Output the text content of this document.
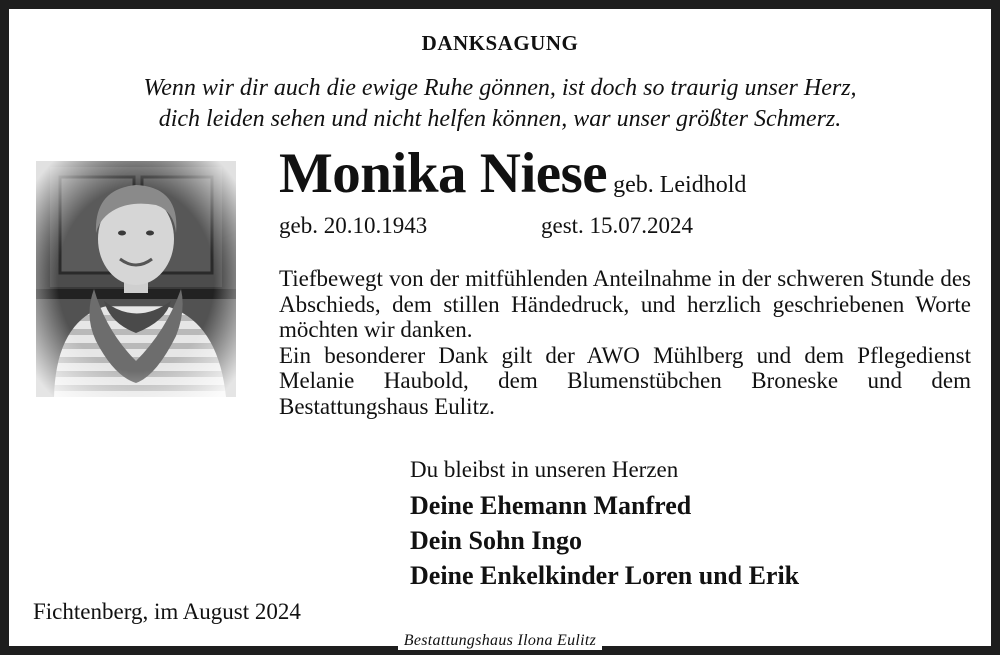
DANKSAGUNG
Wenn wir dir auch die ewige Ruhe gönnen, ist doch so traurig unser Herz,
dich leiden sehen und nicht helfen können, war unser größter Schmerz.
Monika Niese geb. Leidhold
geb. 20.10.1943	gest. 15.07.2024

Tiefbewegt von der mitfühlenden Anteilnahme in der schweren Stunde des Abschieds, dem stillen Händedruck, und herzlich geschriebenen Worte möchten wir danken.

Ein besonderer Dank gilt der AWO Mühlberg und dem Pflegedienst Melanie Haubold, dem Blumenstübchen Broneske und dem Bestattungshaus Eulitz.

Du bleibst in unseren Herzen
Deine Ehemann Manfred
Dein Sohn Ingo
Deine Enkelkinder Loren und Erik
Fichtenberg, im August 2024
Bestattungshaus Ilona Eulitz
